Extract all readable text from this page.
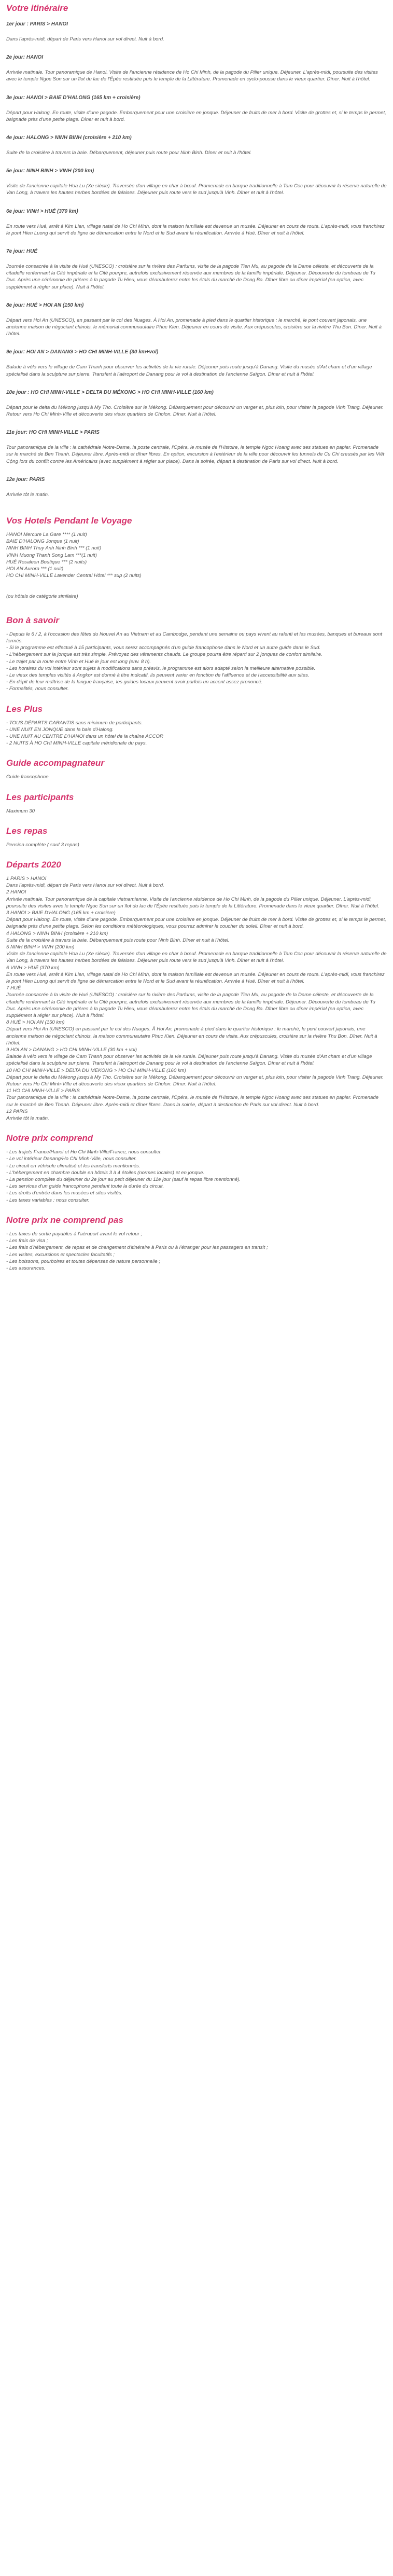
Votre itinéraire
1er jour : PARIS > HANOI
Dans l'après-midi, départ de Paris vers Hanoi sur vol direct. Nuit à bord.
2e jour: HANOI
Arrivée matinale. Tour panoramique de Hanoi. Visite de l'ancienne résidence de Ho Chi Minh, de la pagode du Pilier unique. Déjeuner. L'après-midi, poursuite des visites avec le temple Ngoc Son sur un îlot du lac de l'Épée restituée puis le temple de la Littérature. Promenade en cyclo-pousse dans le vieux quartier. Dîner. Nuit à l'hôtel.
3e jour: HANOI > BAIE D'HALONG (165 km + croisière)
Départ pour Halong. En route, visite d'une pagode. Embarquement pour une croisière en jonque. Déjeuner de fruits de mer à bord. Visite de grottes et, si le temps le permet, baignade près d'une petite plage. Dîner et nuit à bord.
4e jour: HALONG > NINH BINH (croisière + 210 km)
Suite de la croisière à travers la baie. Débarquement, déjeuner puis route pour Ninh Binh. Dîner et nuit à l'hôtel.
5e jour: NINH BINH > VINH (200 km)
Visite de l'ancienne capitale Hoa Lu (Xe siècle). Traversée d'un village en char à bœuf. Promenade en barque traditionnelle à Tam Coc pour découvrir la réserve naturelle de Van Long, à travers les hautes herbes bordées de falaises. Déjeuner puis route vers le sud jusqu'à Vinh. Dîner et nuit à l'hôtel.
6e jour: VINH > HUÉ (370 km)
En route vers Hué, arrêt à Kim Lien, village natal de Ho Chi Minh, dont la maison familiale est devenue un musée. Déjeuner en cours de route. L'après-midi, vous franchirez le pont Hien Luong qui servit de ligne de démarcation entre le Nord et le Sud avant la réunification. Arrivée à Hué. Dîner et nuit à l'hôtel.
7e jour: HUÉ
Journée consacrée à la visite de Hué (UNESCO) : croisière sur la rivière des Parfums, visite de la pagode Tien Mu, au pagode de la Dame céleste, et découverte de la citadelle renfermant la Cité impériale et la Cité pourpre, autrefois exclusivement réservée aux membres de la famille impériale. Déjeuner. Découverte du tombeau de Tu Duc. Après une cérémonie de prières à la pagode Tu Hieu, vous déambulerez entre les étals du marché de Dong Ba. Dîner libre ou dîner impérial (en option, avec supplément à régler sur place). Nuit à l'hôtel.
8e jour: HUÉ > HOI AN (150 km)
Départ vers Hoi An (UNESCO), en passant par le col des Nuages. À Hoi An, promenade à pied dans le quartier historique : le marché, le pont couvert japonais, une ancienne maison de négociant chinois, le mémorial communautaire Phuc Kien. Déjeuner en cours de visite. Aux crépuscules, croisière sur la rivière Thu Bon. Dîner. Nuit à l'hôtel.
9e jour: HOI AN > DANANG > HO CHI MINH-VILLE (30 km+vol)
Balade à vélo vers le village de Cam Thanh pour observer les activités de la vie rurale. Déjeuner puis route jusqu'à Danang. Visite du musée d'Art cham et d'un village spécialisé dans la sculpture sur pierre. Transfert à l'aéroport de Danang pour le vol à destination de l'ancienne Saïgon. Dîner et nuit à l'hôtel.
10e jour : HO CHI MINH-VILLE > DELTA DU MÉKONG > HO CHI MINH-VILLE (160 km)
Départ pour le delta du Mékong jusqu'à My Tho. Croisière sur le Mékong. Débarquement pour découvrir un verger et, plus loin, pour visiter la pagode Vinh Trang. Déjeuner. Retour vers Ho Chi Minh-Ville et découverte des vieux quartiers de Cholon. Dîner. Nuit à l'hôtel.
11e jour: HO CHI MINH-VILLE > PARIS
Tour panoramique de la ville : la cathédrale Notre-Dame, la poste centrale, l'Opéra, le musée de l'Histoire, le temple Ngoc Hoang avec ses statues en papier. Promenade sur le marché de Ben Thanh. Déjeuner libre. Après-midi et dîner libres. En option, excursion à l'extérieur de la ville pour découvrir les tunnels de Cu Chi creusés par les Viêt Cộng lors du conflit contre les Américains (avec supplément à régler sur place). Dans la soirée, départ à destination de Paris sur vol direct. Nuit à bord.
12e jour: PARIS
Arrivée tôt le matin.
Vos Hotels Pendant le Voyage
HANOI Mercure La Gare **** (1 nuit)
BAIE D'HALONG Jonque (1 nuit)
NINH BINH Thuy Anh Ninh Binh *** (1 nuit)
VINH Muong Thanh Song Lam ***(1 nuit)
HUÉ Rosaleen Boutique *** (2 nuits)
HOI AN Aurora *** (1 nuit)
HO CHI MINH-VILLE Lavender Central Hôtel *** sup (2 nuits)
(ou hôtels de catégorie similaire)
Bon à savoir
- Depuis le 6 / 2, à l'occasion des fêtes du Nouvel An au Vietnam et au Cambodge, pendant une semaine ou pays vivent au ralenti et les musées, banques et bureaux sont fermés.
- Si le programme est effectué à 15 participants, vous serez accompagnés d'un guide francophone dans le Nord et un autre guide dans le Sud.
- L'hébergement sur la jonque est très simple. Prévoyez des vêtements chauds. Le groupe pourra être réparti sur 2 jonques de confort similaire.
- Le trajet par la route entre Vinh et Hué le jour est long (env. 8 h).
- Les horaires du vol intérieur sont sujets à modifications sans préavis, le programme est alors adapté selon la meilleure alternative possible.
- Le vieux des temples visités à Angkor est donné à titre indicatif, ils peuvent varier en fonction de l'affluence et de l'accessibilité aux sites.
- En dépit de leur maîtrise de la langue française, les guides locaux peuvent avoir parfois un accent assez prononcé.
- Formalités, nous consulter.
Les Plus
- TOUS DÉPARTS GARANTIS sans minimum de participants.
- UNE NUIT EN JONQUE dans la baie d'Halong.
- UNE NUIT AU CENTRE D'HANOI dans un hôtel de la chaîne ACCOR
- 2 NUITS À HO CHI MINH-VILLE capitale méridionale du pays.
Guide accompagnateur
Guide francophone
Les participants
Maximum 30
Les repas
Pension complète ( sauf 3 repas)
Départs 2020
1 PARIS > HANOI
Dans l'après-midi, départ de Paris vers Hanoi sur vol direct. Nuit à bord.
2 HANOI
Arrivée matinale. Tour panoramique de la capitale vietnamienne. Visite de l'ancienne résidence de Ho Chi Minh, de la pagode du Pilier unique. Déjeuner. L'après-midi, poursuite des visites avec le temple Ngoc Son sur un îlot du lac de l'Épée restituée puis le temple de la Littérature. Promenade dans le vieux quartier. Dîner. Nuit à l'hôtel.
3 HANOI > BAIE D'HALONG (165 km + croisière)
Départ pour Halong. En route, visite d'une pagode. Embarquement pour une croisière en jonque. Déjeuner de fruits de mer à bord. Visite de grottes et, si le temps le permet, baignade près d'une petite plage. Selon les conditions météorologiques, vous pourrez admirer le coucher du soleil. Dîner et nuit à bord.
4 HALONG > NINH BINH (croisière + 210 km)
Suite de la croisière à travers la baie. Débarquement puis route pour Ninh Binh. Dîner et nuit à l'hôtel.
5 NINH BINH > VINH (200 km)
Visite de l'ancienne capitale Hoa Lu (Xe siècle). Traversée d'un village en char à bœuf. Promenade en barque traditionnelle à Tam Coc pour découvrir la réserve naturelle de Van Long, à travers les hautes herbes bordées de falaises. Déjeuner puis route vers le sud jusqu'à Vinh. Dîner et nuit à l'hôtel.
6 VINH > HUÉ (370 km)
En route vers Hué, arrêt à Kim Lien, village natal de Ho Chi Minh, dont la maison familiale est devenue un musée. Déjeuner en cours de route. L'après-midi, vous franchirez le pont Hien Luong qui servit de ligne de démarcation entre le Nord et le Sud avant la réunification. Arrivée à Hué. Dîner et nuit à l'hôtel.
7 HUÉ
Journée consacrée à la visite de Hué (UNESCO) : croisière sur la rivière des Parfums, visite de la pagode Tien Mu, au pagode de la Dame céleste, et découverte de la citadelle renfermant la Cité impériale et la Cité pourpre, autrefois exclusivement réservée aux membres de la famille impériale. Déjeuner. Découverte du tombeau de Tu Duc. Après une cérémonie de prières à la pagode Tu Hieu, vous déambulerez entre les étals du marché de Dong Ba. Dîner libre ou dîner impérial (en option, avec supplément à régler sur place). Nuit à l'hôtel.
8 HUÉ > HOI AN (150 km)
Départ vers Hoi An (UNESCO) en passant par le col des Nuages. À Hoi An, promenade à pied dans le quartier historique : le marché, le pont couvert japonais, une ancienne maison de négociant chinois, la maison communautaire Phuc Kien. Déjeuner en cours de visite. Aux crépuscules, croisière sur la rivière Thu Bon. Dîner. Nuit à l'hôtel.
9 HOI AN > DANANG > HO CHI MINH-VILLE (30 km + vol)
Balade à vélo vers le village de Cam Thanh pour observer les activités de la vie rurale. Déjeuner puis route jusqu'à Danang. Visite du musée d'Art cham et d'un village spécialisé dans la sculpture sur pierre. Transfert à l'aéroport de Danang pour le vol à destination de l'ancienne Saïgon. Dîner et nuit à l'hôtel.
10 HO CHI MINH-VILLE > DELTA DU MÉKONG > HO CHI MINH-VILLE (160 km)
Départ pour le delta du Mékong jusqu'à My Tho. Croisière sur le Mékong. Débarquement pour découvrir un verger et, plus loin, pour visiter la pagode Vinh Trang. Déjeuner. Retour vers Ho Chi Minh-Ville et découverte des vieux quartiers de Cholon. Dîner. Nuit à l'hôtel.
11 HO CHI MINH-VILLE > PARIS
Tour panoramique de la ville : la cathédrale Notre-Dame, la poste centrale, l'Opéra, le musée de l'Histoire, le temple Ngoc Hoang avec ses statues en papier. Promenade sur le marché de Ben Thanh. Déjeuner libre. Après-midi et dîner libres. Dans la soirée, départ à destination de Paris sur vol direct. Nuit à bord.
12 PARIS
Arrivée tôt le matin.
Notre prix comprend
- Les trajets France/Hanoi et Ho Chi Minh-Ville/France, nous consulter.
- Le vol intérieur Danang/Ho Chi Minh-Ville, nous consulter.
- Le circuit en véhicule climatisé et les transferts mentionnés.
- L'hébergement en chambre double en hôtels 3 à 4 étoiles (normes locales) et en jonque.
- La pension complète du déjeuner du 2e jour au petit déjeuner du 11e jour (sauf le repas libre mentionné).
- Les services d'un guide francophone pendant toute la durée du circuit.
- Les droits d'entrée dans les musées et sites visités.
- Les taxes variables : nous consulter.
Notre prix ne comprend pas
- Les taxes de sortie payables à l'aéroport avant le vol retour ;
- Les frais de visa ;
- Les frais d'hébergement, de repas et de changement d'itinéraire à Paris ou à l'étranger pour les passagers en transit ;
- Les visites, excursions et spectacles facultatifs ;
- Les boissons, pourboires et toutes dépenses de nature personnelle ;
- Les assurances.
